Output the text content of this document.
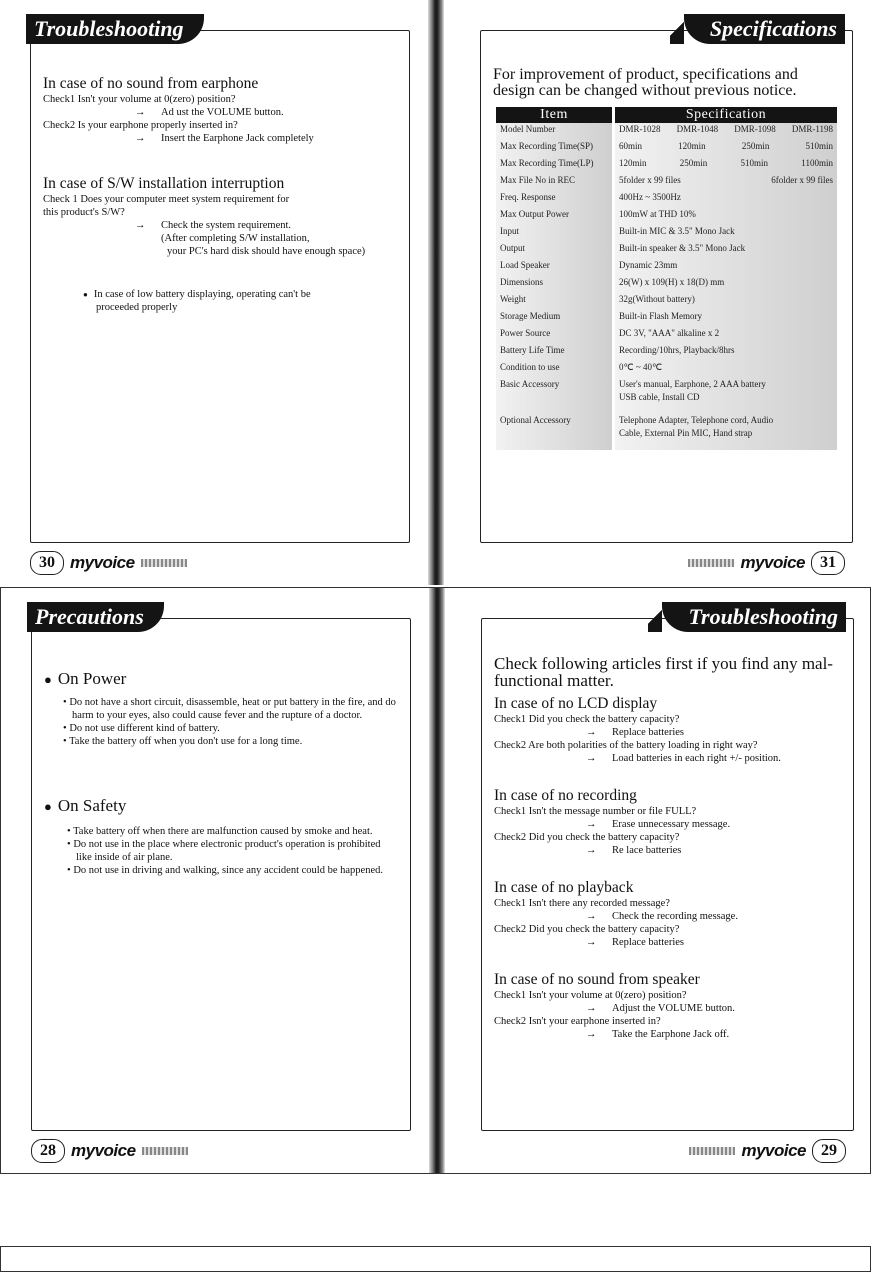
In case of no sound from earphone

Check1 Isn't your volume at 0(zero) position?

→ Ad ust the VOLUME button.

Check2 Is your earphone properly inserted in?

→ Insert the Earphone Jack completely

In case of S/W installation interruption

Check 1 Does your computer meet system requirement for

this product's S/W?

→ Check the system requirement.

(After completing S/W installation,

your PC's hard disk should have enough space)

● In case of low battery displaying, operating can't be

proceeded properly

Troubleshooting
30 myvoice

For improvement of product, specifications and design can be changed without previous notice.

Item	Specification
Model Number	DMR-1028 DMR-1048 DMR-1098 DMR-1198

Max Recording Time(SP)	60min 120min 250min 510min

Max Recording Time(LP)	120min 250min 510min 1100min

Max File No in REC	5folder x 99 files 6folder x 99 files

Freq. Response	400Hz ~ 3500Hz

Max Output Power	100mW at THD 10%

Input	Built-in MIC & 3.5" Mono Jack

Output	Built-in speaker & 3.5" Mono Jack

Load Speaker	Dynamic 23mm

Dimensions	26(W) x 109(H) x 18(D) mm

Weight	32g(Without battery)

Storage Medium	Built-in Flash Memory

Power Source	DC 3V, "AAA" alkaline x 2

Battery Life Time	Recording/10hrs, Playback/8hrs

Condition to use	0℃ ~ 40℃

Basic Accessory	User's manual, Earphone, 2 AAA battery
USB cable, Install CD

Optional Accessory	Telephone Adapter, Telephone cord, Audio
Cable, External Pin MIC, Hand strap
Specifications
myvoice 31

● On Power

• Do not have a short circuit, disassemble, heat or put battery in the fire, and do harm to your eyes, also could cause fever and the rupture of a doctor.

• Do not use different kind of battery.

• Take the battery off when you don't use for a long time.

● On Safety

• Take battery off when there are malfunction caused by smoke and heat.

• Do not use in the place where electronic product's operation is prohibited like inside of air plane.

• Do not use in driving and walking, since any accident could be happened.

Precautions
28 myvoice

Check following articles first if you find any mal-functional matter.

In case of no LCD display

Check1 Did you check the battery capacity?

→ Replace batteries

Check2 Are both polarities of the battery loading in right way?

→ Load batteries in each right +/- position.

In case of no recording

Check1 Isn't the message number or file FULL?

→ Erase unnecessary message.

Check2 Did you check the battery capacity?

→ Re lace batteries

In case of no playback

Check1 Isn't there any recorded message?

→ Check the recording message.

Check2 Did you check the battery capacity?

→ Replace batteries

In case of no sound from speaker

Check1 Isn't your volume at 0(zero) position?

→ Adjust the VOLUME button.

Check2 Isn't your earphone inserted in?

→ Take the Earphone Jack off.

Troubleshooting
myvoice 29
